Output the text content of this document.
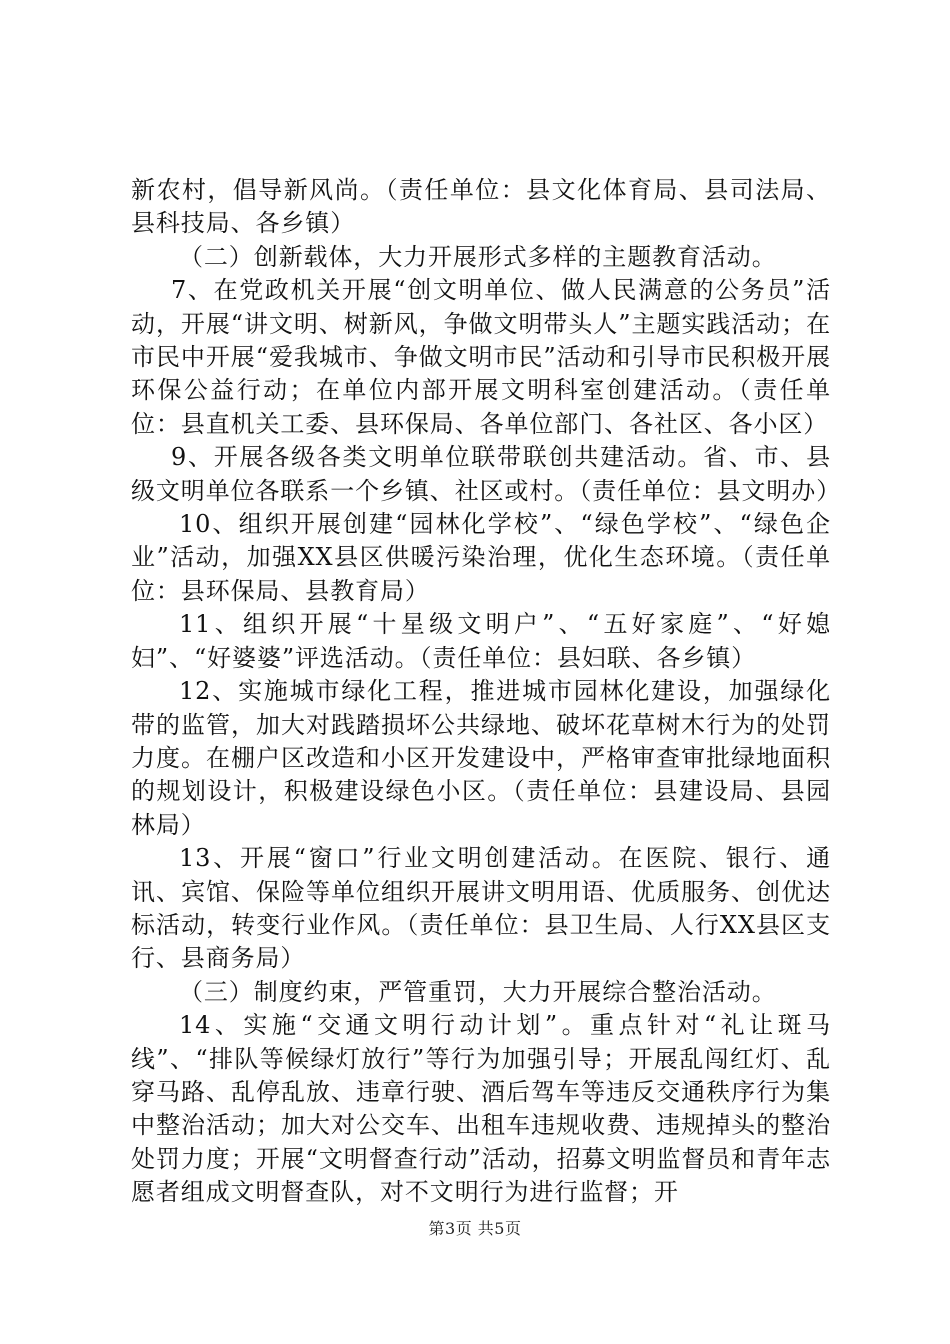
新农村，倡导新风尚。（责任单位：县文化体育局、县司法局、县科技局、各乡镇）

（二）创新载体，大力开展形式多样的主题教育活动。

7、在党政机关开展“创文明单位、做人民满意的公务员”活动，开展“讲文明、树新风，争做文明带头人”主题实践活动；在市民中开展“爱我城市、争做文明市民”活动和引导市民积极开展环保公益行动；在单位内部开展文明科室创建活动。（责任单位：县直机关工委、县环保局、各单位部门、各社区、各小区）

9、开展各级各类文明单位联带联创共建活动。省、市、县级文明单位各联系一个乡镇、社区或村。（责任单位：县文明办）

10、组织开展创建“园林化学校”、“绿色学校”、“绿色企业”活动，加强XX县区供暖污染治理，优化生态环境。（责任单位：县环保局、县教育局）

11、组织开展“十星级文明户”、“五好家庭”、“好媳妇”、“好婆婆”评选活动。（责任单位：县妇联、各乡镇）

12、实施城市绿化工程，推进城市园林化建设，加强绿化带的监管，加大对践踏损坏公共绿地、破坏花草树木行为的处罚力度。在棚户区改造和小区开发建设中，严格审查审批绿地面积的规划设计，积极建设绿色小区。（责任单位：县建设局、县园林局）

13、开展“窗口”行业文明创建活动。在医院、银行、通讯、宾馆、保险等单位组织开展讲文明用语、优质服务、创优达标活动，转变行业作风。（责任单位：县卫生局、人行XX县区支行、县商务局）

（三）制度约束，严管重罚，大力开展综合整治活动。

14、实施“交通文明行动计划”。重点针对“礼让斑马线”、“排队等候绿灯放行”等行为加强引导；开展乱闯红灯、乱穿马路、乱停乱放、违章行驶、酒后驾车等违反交通秩序行为集中整治活动；加大对公交车、出租车违规收费、违规掉头的整治处罚力度；开展“文明督查行动”活动，招募文明监督员和青年志愿者组成文明督查队，对不文明行为进行监督；开

第3页 共5页
